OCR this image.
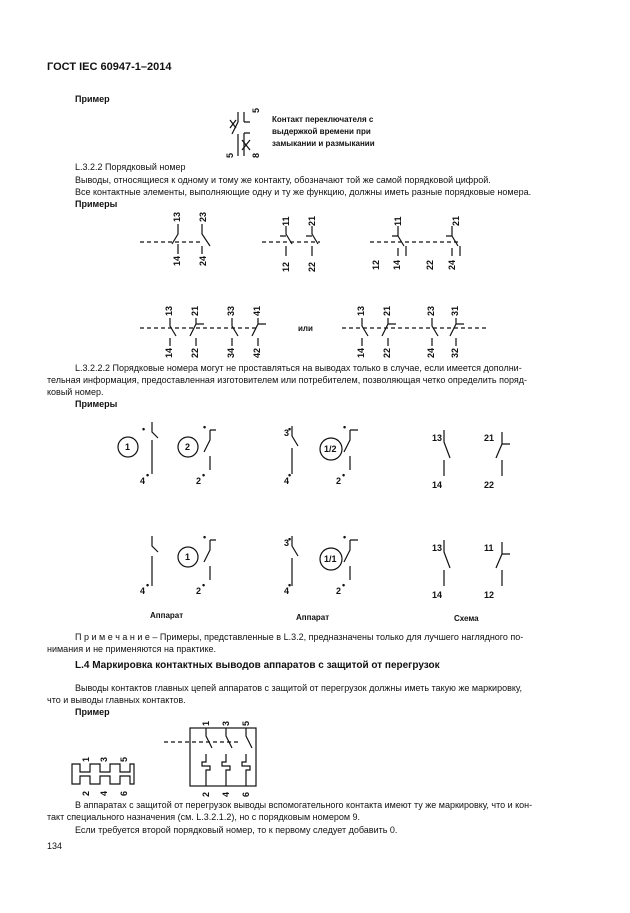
ГОСТ IEC 60947-1–2014
Пример
Контакт переключателя с
выдержкой времени при
замыкании и размыкании
L.3.2.2 Порядковый номер
Выводы, относящиеся к одному и тому же контакту, обозначают той же самой порядковой цифрой.
Все контактные элементы, выполняющие одну и ту же функцию, должны иметь разные порядковые номера.
Примеры
L.3.2.2.2 Порядковые номера могут не проставляться на выводах только в случае, если имеется дополни-
тельная информация, предоставленная изготовителем или потребителем, позволяющая четко определить поряд-
ковый номер.
Примеры
П р и м е ч а н и е – Примеры, представленные в L.3.2, предназначены только для лучшего наглядного по-
нимания и не применяются на практике.
L.4 Маркировка контактных выводов аппаратов с защитой от перегрузок
Выводы контактов главных цепей аппаратов с защитой от перегрузок должны иметь такую же маркировку,
что и выводы главных контактов.
Пример
В аппаратах с защитой от перегрузок выводы вспомогательного контакта имеют ту же маркировку, что и кон-
такт специального назначения (см. L.3.2.1.2), но с порядковым номером 9.
Если требуется второй порядковый номер, то к первому следует добавить 0.
134
5
5 8
13 23
14 24
11 21
12 22
11	21
12 14	22 24
13 21	33 41
14 22	34 42
или
13 21	23 31
14 22	24 32
1
•
4
•
2
2
•
•
3
•
4
•
1/2
2
•
•
13
14
21
22
4
•
1
2
•
•
3
•
4
•
1/1
2
•
•
13
14
11
12
Аппарат	Аппарат	Схема
1 3 5
2 4 6
1 3 5
2 4 6
